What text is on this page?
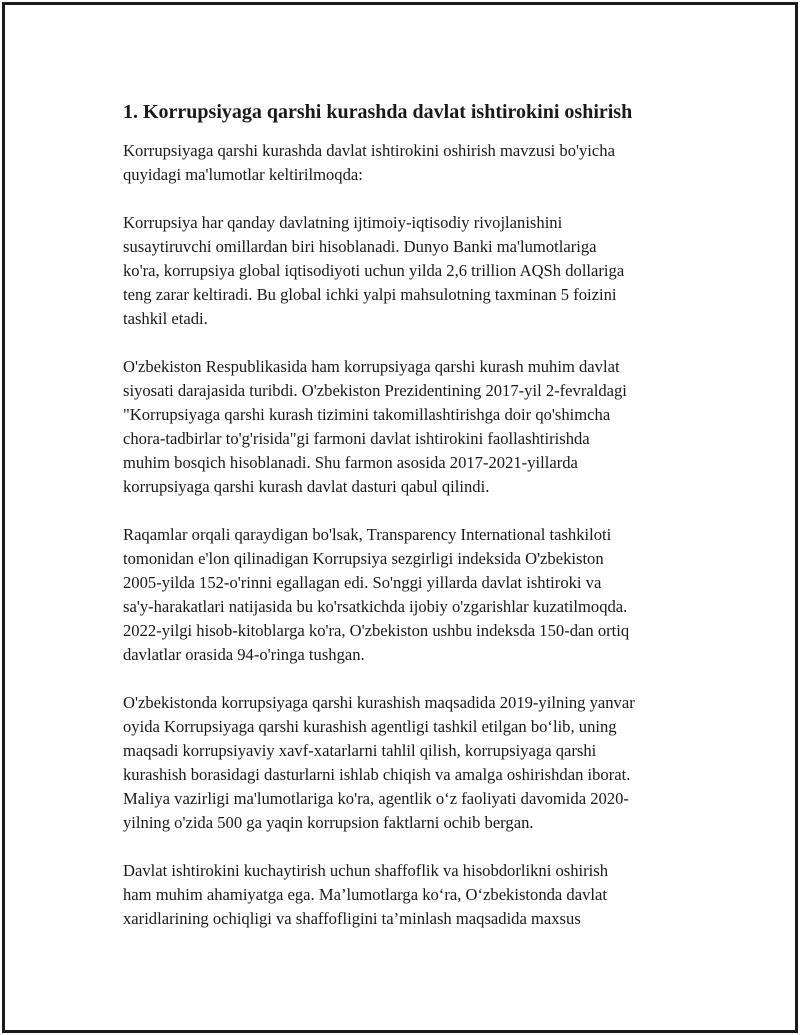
1. Korrupsiyaga qarshi kurashda davlat ishtirokini oshirish

Korrupsiyaga qarshi kurashda davlat ishtirokini oshirish mavzusi bo'yicha
quyidagi ma'lumotlar keltirilmoqda:

Korrupsiya har qanday davlatning ijtimoiy-iqtisodiy rivojlanishini
susaytiruvchi omillardan biri hisoblanadi. Dunyo Banki ma'lumotlariga
ko'ra, korrupsiya global iqtisodiyoti uchun yilda 2,6 trillion AQSh dollariga
teng zarar keltiradi. Bu global ichki yalpi mahsulotning taxminan 5 foizini
tashkil etadi.

O'zbekiston Respublikasida ham korrupsiyaga qarshi kurash muhim davlat
siyosati darajasida turibdi. O'zbekiston Prezidentining 2017-yil 2-fevraldagi
"Korrupsiyaga qarshi kurash tizimini takomillashtirishga doir qo'shimcha
chora-tadbirlar to'g'risida"gi farmoni davlat ishtirokini faollashtirishda
muhim bosqich hisoblanadi. Shu farmon asosida 2017-2021-yillarda
korrupsiyaga qarshi kurash davlat dasturi qabul qilindi.

Raqamlar orqali qaraydigan bo'lsak, Transparency International tashkiloti
tomonidan e'lon qilinadigan Korrupsiya sezgirligi indeksida O'zbekiston
2005-yilda 152-o'rinni egallagan edi. So'nggi yillarda davlat ishtiroki va
sa'y-harakatlari natijasida bu ko'rsatkichda ijobiy o'zgarishlar kuzatilmoqda.
2022-yilgi hisob-kitoblarga ko'ra, O'zbekiston ushbu indeksda 150-dan ortiq
davlatlar orasida 94-o'ringa tushgan.

O'zbekistonda korrupsiyaga qarshi kurashish maqsadida 2019-yilning yanvar
oyida Korrupsiyaga qarshi kurashish agentligi tashkil etilgan bo‘lib, uning
maqsadi korrupsiyaviy xavf-xatarlarni tahlil qilish, korrupsiyaga qarshi
kurashish borasidagi dasturlarni ishlab chiqish va amalga oshirishdan iborat.
Maliya vazirligi ma'lumotlariga ko'ra, agentlik o‘z faoliyati davomida 2020-
yilning o'zida 500 ga yaqin korrupsion faktlarni ochib bergan.

Davlat ishtirokini kuchaytirish uchun shaffoflik va hisobdorlikni oshirish
ham muhim ahamiyatga ega. Ma’lumotlarga ko‘ra, O‘zbekistonda davlat
xaridlarining ochiqligi va shaffofligini ta’minlash maqsadida maxsus
